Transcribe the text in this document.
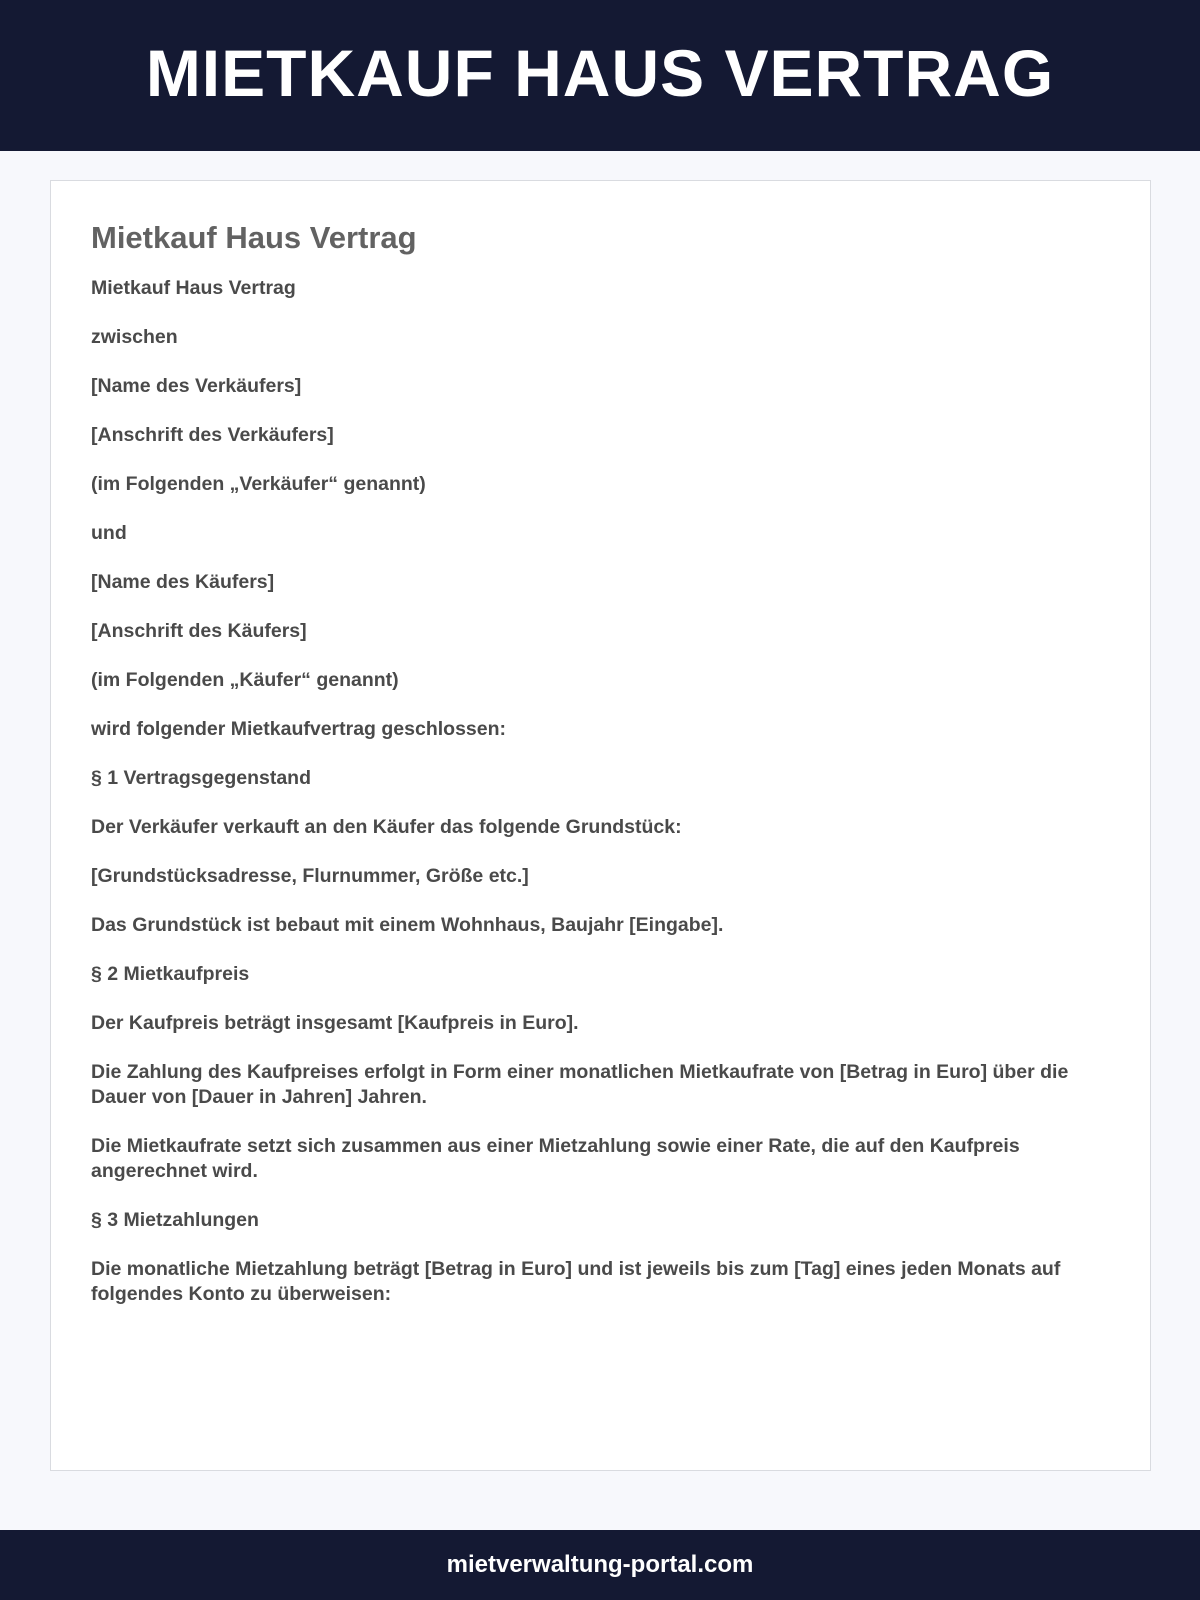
MIETKAUF HAUS VERTRAG
Mietkauf Haus Vertrag

Mietkauf Haus Vertrag

zwischen

[Name des Verkäufers]

[Anschrift des Verkäufers]

(im Folgenden „Verkäufer“ genannt)

und

[Name des Käufers]

[Anschrift des Käufers]

(im Folgenden „Käufer“ genannt)

wird folgender Mietkaufvertrag geschlossen:

§ 1 Vertragsgegenstand

Der Verkäufer verkauft an den Käufer das folgende Grundstück:

[Grundstücksadresse, Flurnummer, Größe etc.]

Das Grundstück ist bebaut mit einem Wohnhaus, Baujahr [Eingabe].

§ 2 Mietkaufpreis

Der Kaufpreis beträgt insgesamt [Kaufpreis in Euro].

Die Zahlung des Kaufpreises erfolgt in Form einer monatlichen Mietkaufrate von [Betrag in Euro] über die Dauer von [Dauer in Jahren] Jahren.

Die Mietkaufrate setzt sich zusammen aus einer Mietzahlung sowie einer Rate, die auf den Kaufpreis angerechnet wird.

§ 3 Mietzahlungen

Die monatliche Mietzahlung beträgt [Betrag in Euro] und ist jeweils bis zum [Tag] eines jeden Monats auf folgendes Konto zu überweisen:

mietverwaltung-portal.com
